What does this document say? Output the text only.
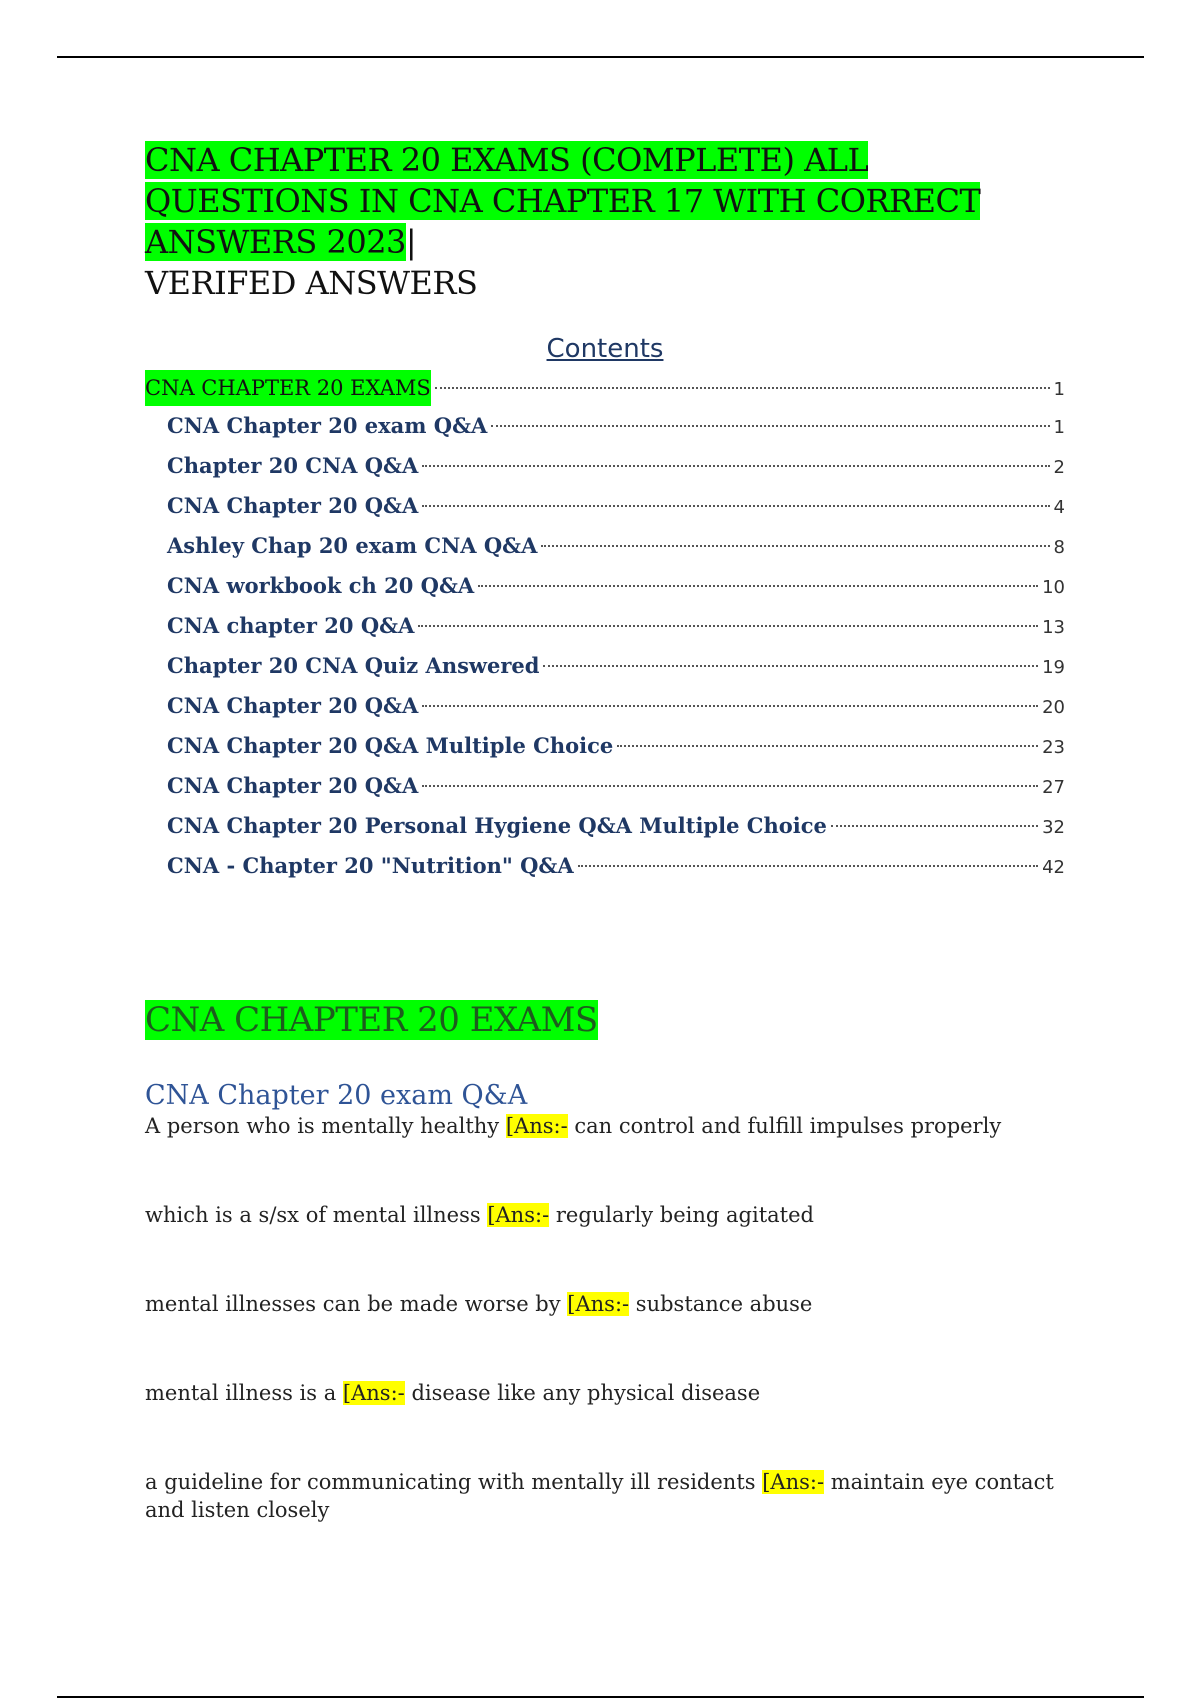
CNA CHAPTER 20 EXAMS (COMPLETE) ALL QUESTIONS IN CNA CHAPTER 17 WITH CORRECT ANSWERS 2023|
VERIFED ANSWERS
Contents
CNA CHAPTER 20 EXAMS	1
CNA Chapter 20 exam Q&A	1
Chapter 20 CNA Q&A	2
CNA Chapter 20 Q&A	4
Ashley Chap 20 exam CNA Q&A	8
CNA workbook ch 20 Q&A	10
CNA chapter 20 Q&A	13
Chapter 20 CNA Quiz Answered	19
CNA Chapter 20 Q&A	20
CNA Chapter 20 Q&A Multiple Choice	23
CNA Chapter 20 Q&A	27
CNA Chapter 20 Personal Hygiene Q&A Multiple Choice	32
CNA - Chapter 20 "Nutrition" Q&A	42
CNA CHAPTER 20 EXAMS
CNA Chapter 20 exam Q&A

A person who is mentally healthy [Ans:- can control and fulfill impulses properly

which is a s/sx of mental illness [Ans:- regularly being agitated

mental illnesses can be made worse by [Ans:- substance abuse

mental illness is a [Ans:- disease like any physical disease

a guideline for communicating with mentally ill residents [Ans:- maintain eye contact and listen closely
